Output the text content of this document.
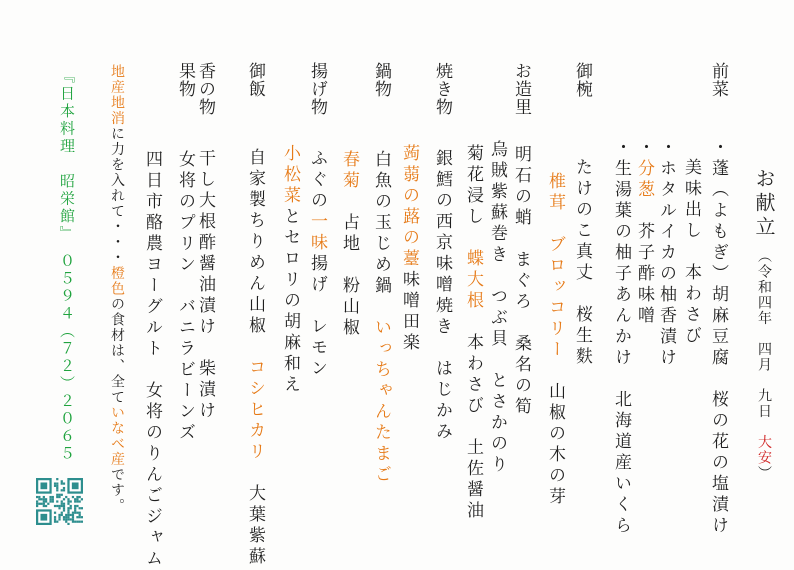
お献立　（令和四年　四月　九日　大安）
前菜・蓬（よもぎ）胡麻豆腐　桜の花の塩漬け
美味出し　本わさび
・ホタルイカの柚香漬け
・分葱　芥子酢味噌
・生湯葉の柚子あんかけ　北海道産いくら
御椀たけのこ真丈　桜生麩
椎茸　ブロッコリー　山椒の木の芽
お造里明石の蛸　まぐろ　桑名の筍
烏賊紫蘇巻き　つぶ貝　とさかのり
菊花浸し　蝶大根　本わさび　土佐醤油
焼き物銀鱈の西京味噌焼き　はじかみ
蒟蒻の蕗の薹味噌田楽
鍋物白魚の玉じめ鍋　いっちゃんたまご
春菊　占地　粉山椒
揚げ物ふぐの一味揚げ　レモン
小松菜とセロリの胡麻和え
御飯自家製ちりめん山椒　コシヒカリ　大葉紫蘇
香の物干し大根酢醤油漬け　柴漬け
果物女将のプリン　バニラビーンズ
四日市酪農ヨーグルト　女将のりんごジャム
地産地消に力を入れて・・・橙色の食材は、全ていなべ産です。
『日本料理　昭栄館』　０５９４（７２）２０６５
